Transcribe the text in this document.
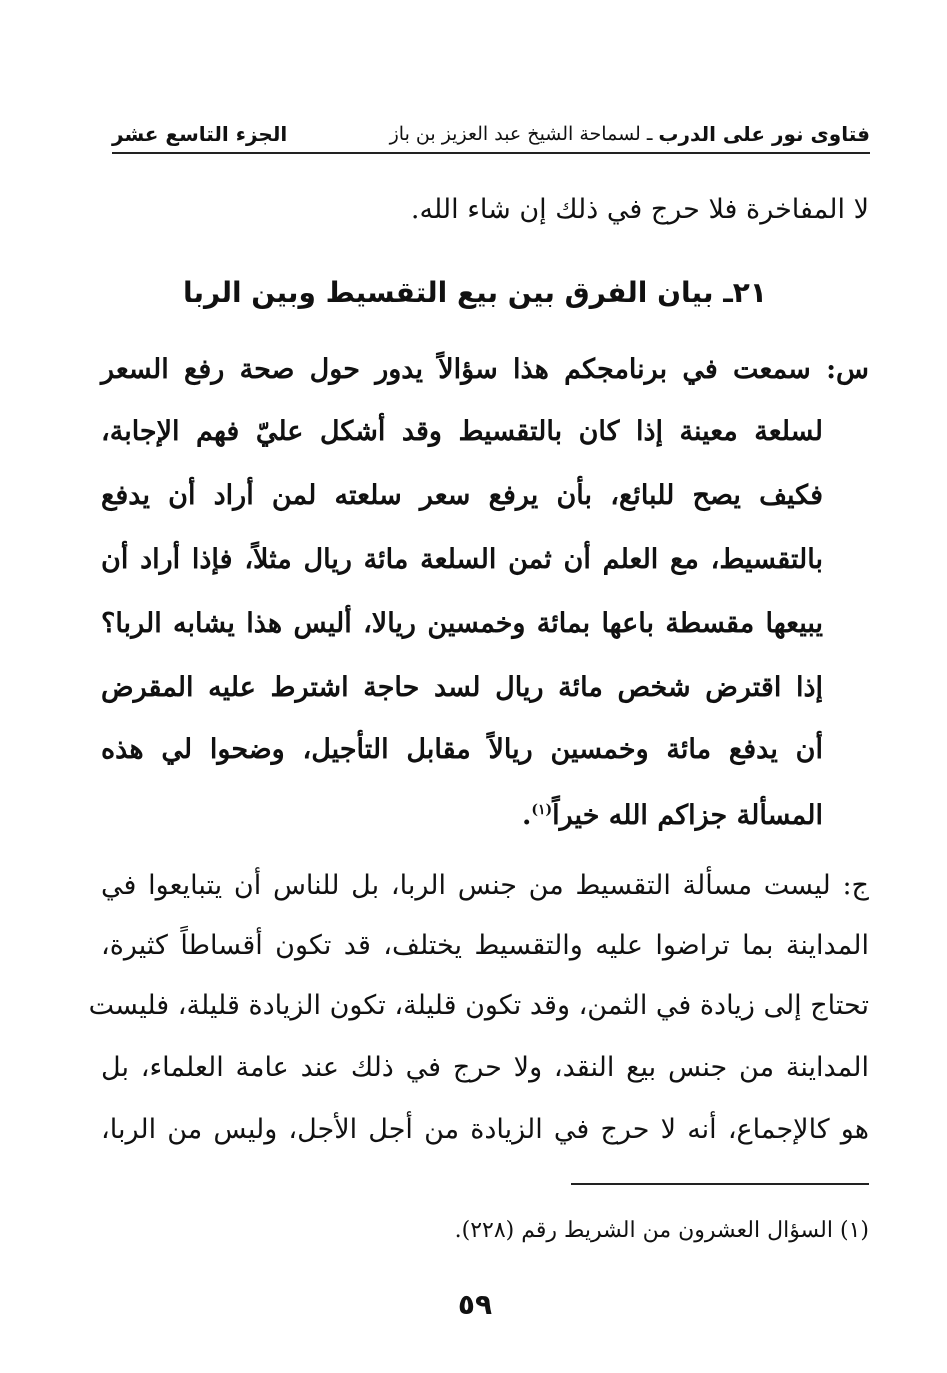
فتاوى نور على الدرب
ـ لسماحة الشيخ عبد العزيز بن باز
الجزء التاسع عشر
لا المفاخرة فلا حرج في ذلك إن شاء الله.
٢١ـ بيان الفرق بين بيع التقسيط وبين الربا
س: سمعت في برنامجكم هذا سؤالاً يدور حول صحة رفع السعر
لسلعة معينة إذا كان بالتقسيط وقد أشكل عليّ فهم الإجابة،
فكيف يصح للبائع، بأن يرفع سعر سلعته لمن أراد أن يدفع
بالتقسيط، مع العلم أن ثمن السلعة مائة ريال مثلاً، فإذا أراد أن
يبيعها مقسطة باعها بمائة وخمسين ريالا، أليس هذا يشابه الربا؟
إذا اقترض شخص مائة ريال لسد حاجة اشترط عليه المقرض
أن يدفع مائة وخمسين ريالاً مقابل التأجيل، وضحوا لي هذه
المسألة جزاكم الله خيراً$^{(١)}$.
ج: ليست مسألة التقسيط من جنس الربا، بل للناس أن يتبايعوا في
المداينة بما تراضوا عليه والتقسيط يختلف، قد تكون أقساطاً كثيرة،
تحتاج إلى زيادة في الثمن، وقد تكون قليلة، تكون الزيادة قليلة، فليست
المداينة من جنس بيع النقد، ولا حرج في ذلك عند عامة العلماء، بل
هو كالإجماع، أنه لا حرج في الزيادة من أجل الأجل، وليس من الربا،
(١) السؤال العشرون من الشريط رقم (٢٢٨).
٥٩
